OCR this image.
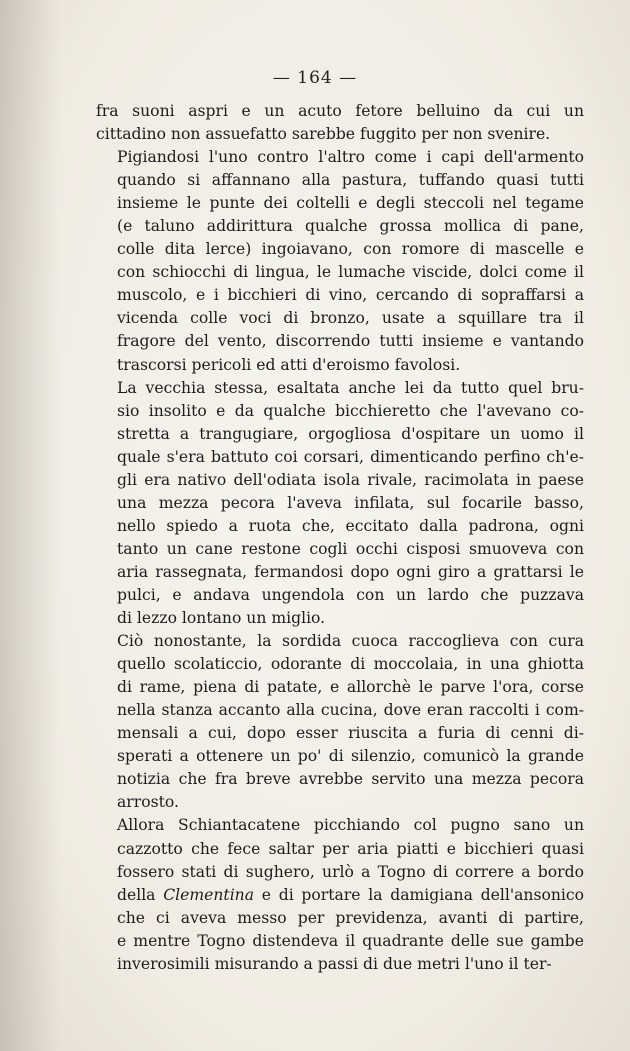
— 164 —

fra suoni aspri e un acuto fetore belluino da cui un
cittadino non assuefatto sarebbe fuggito per non svenire.

Pigiandosi l'uno contro l'altro come i capi dell'armento
quando si affannano alla pastura, tuffando quasi tutti
insieme le punte dei coltelli e degli steccoli nel tegame
(e taluno addirittura qualche grossa mollica di pane,
colle dita lerce) ingoiavano, con romore di mascelle e
con schiocchi di lingua, le lumache viscide, dolci come il
muscolo, e i bicchieri di vino, cercando di sopraffarsi a
vicenda colle voci di bronzo, usate a squillare tra il
fragore del vento, discorrendo tutti insieme e vantando
trascorsi pericoli ed atti d'eroismo favolosi.

La vecchia stessa, esaltata anche lei da tutto quel bru-
sio insolito e da qualche bicchieretto che l'avevano co-
stretta a trangugiare, orgogliosa d'ospitare un uomo il
quale s'era battuto coi corsari, dimenticando perfino ch'e-
gli era nativo dell'odiata isola rivale, racimolata in paese
una mezza pecora l'aveva infilata, sul focarile basso,
nello spiedo a ruota che, eccitato dalla padrona, ogni
tanto un cane restone cogli occhi cisposi smuoveva con
aria rassegnata, fermandosi dopo ogni giro a grattarsi le
pulci, e andava ungendola con un lardo che puzzava
di lezzo lontano un miglio.

Ciò nonostante, la sordida cuoca raccoglieva con cura
quello scolaticcio, odorante di moccolaia, in una ghiotta
di rame, piena di patate, e allorchè le parve l'ora, corse
nella stanza accanto alla cucina, dove eran raccolti i com-
mensali a cui, dopo esser riuscita a furia di cenni di-
sperati a ottenere un po' di silenzio, comunicò la grande
notizia che fra breve avrebbe servito una mezza pecora
arrosto.

Allora Schiantacatene picchiando col pugno sano un
cazzotto che fece saltar per aria piatti e bicchieri quasi
fossero stati di sughero, urlò a Togno di correre a bordo
della Clementina e di portare la damigiana dell'ansonico
che ci aveva messo per previdenza, avanti di partire,
e mentre Togno distendeva il quadrante delle sue gambe
inverosimili misurando a passi di due metri l'uno il ter-
